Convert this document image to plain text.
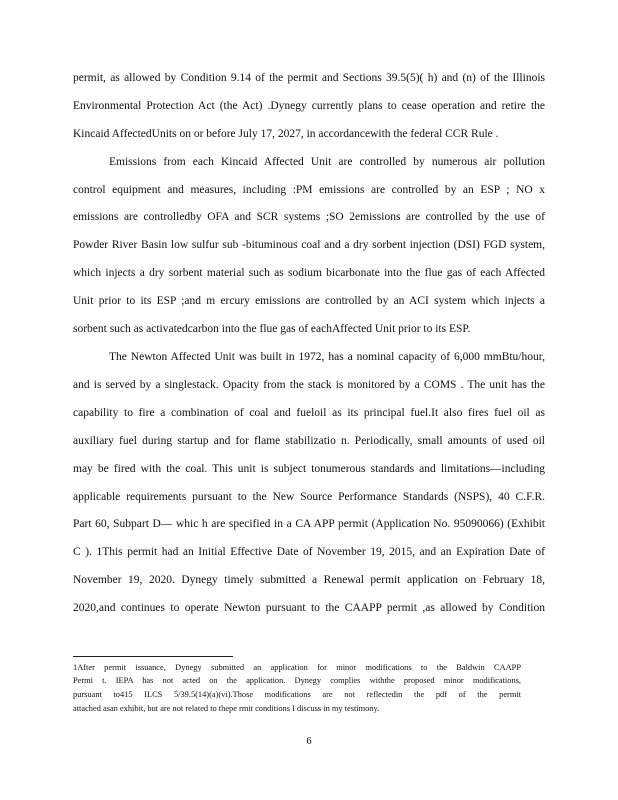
permit, as allowed by Condition 9.14 of the permit and Sections 39.5(5)( h) and (n) of the Illinois
Environmental Protection Act (the Act) .Dynegy currently plans to cease operation and retire the
Kincaid AffectedUnits on or before July 17, 2027, in accordancewith the federal CCR Rule .
Emissions from each Kincaid Affected Unit are controlled by numerous air pollution
control equipment and measures, including :PM emissions are controlled by an ESP ; NO x
emissions are controlledby OFA and SCR systems ;SO 2emissions are controlled by the use of
Powder River Basin low sulfur sub -bituminous coal and a dry sorbent injection (DSI) FGD system,
which injects a dry sorbent material such as sodium bicarbonate into the flue gas of each Affected
Unit prior to its ESP ;and m ercury emissions are controlled by an ACI system which injects a
sorbent such as activatedcarbon into the flue gas of eachAffected Unit prior to its ESP.
The Newton Affected Unit was built in 1972, has a nominal capacity of 6,000 mmBtu/hour,
and is served by a singlestack. Opacity from the stack is monitored by a COMS . The unit has the
capability to fire a combination of coal and fueloil as its principal fuel.It also fires fuel oil as
auxiliary fuel during startup and for flame stabilizatio n. Periodically, small amounts of used oil
may be fired with the coal. This unit is subject tonumerous standards and limitations—including
applicable requirements pursuant to the New Source Performance Standards (NSPS), 40 C.F.R.
Part 60, Subpart D— whic h are specified in a CA APP permit (Application No. 95090066) (Exhibit
C ). 1This permit had an Initial Effective Date of November 19, 2015, and an Expiration Date of
November 19, 2020. Dynegy timely submitted a Renewal permit application on February 18,
2020,and continues to operate Newton pursuant to the CAAPP permit ,as allowed by Condition
1After permit issuance, Dynegy submitted an application for minor modifications to the Baldwin CAAPP
Permi t. IEPA has not acted on the application. Dynegy complies withthe proposed minor modifications,
pursuant to415 ILCS 5/39.5(14)(a)(vi).Those modifications are not reflectedin the pdf of the permit
attached asan exhibit, but are not related to thepe rmit conditions I discuss in my testimony.
6
